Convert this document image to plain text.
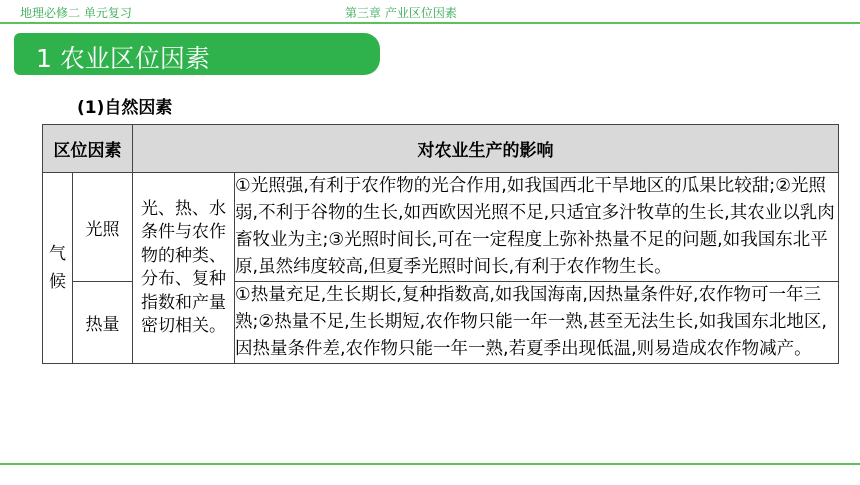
地理必修二 单元复习	第三章 产业区位因素
1 农业区位因素
(1)自然因素
区位因素		对农业生产的影响	
气候	光照	光、热、水条件与农作物的种类、分布、复种指数和产量密切相关。	①光照强,有利于农作物的光合作用,如我国西北干旱地区的瓜果比较甜;②光照弱,不利于谷物的生长,如西欧因光照不足,只适宜多汁牧草的生长,其农业以乳肉畜牧业为主;③光照时间长,可在一定程度上弥补热量不足的问题,如我国东北平原,虽然纬度较高,但夏季光照时间长,有利于农作物生长。
	热量		①热量充足,生长期长,复种指数高,如我国海南,因热量条件好,农作物可一年三熟;②热量不足,生长期短,农作物只能一年一熟,甚至无法生长,如我国东北地区,因热量条件差,农作物只能一年一熟,若夏季出现低温,则易造成农作物减产。
